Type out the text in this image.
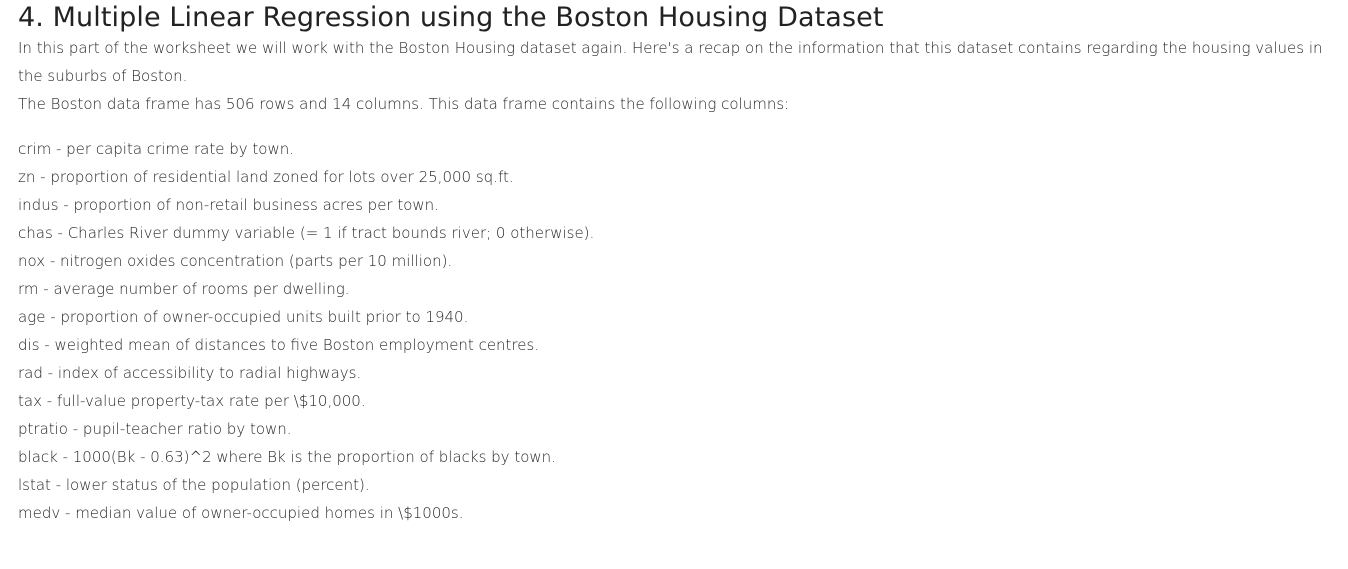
4. Multiple Linear Regression using the Boston Housing Dataset

In this part of the worksheet we will work with the Boston Housing dataset again. Here's a recap on the information that this dataset contains regarding the housing values in the suburbs of Boston.

The Boston data frame has 506 rows and 14 columns. This data frame contains the following columns:

crim - per capita crime rate by town.
zn - proportion of residential land zoned for lots over 25,000 sq.ft.
indus - proportion of non-retail business acres per town.
chas - Charles River dummy variable (= 1 if tract bounds river; 0 otherwise).
nox - nitrogen oxides concentration (parts per 10 million).
rm - average number of rooms per dwelling.
age - proportion of owner-occupied units built prior to 1940.
dis - weighted mean of distances to five Boston employment centres.
rad - index of accessibility to radial highways.
tax - full-value property-tax rate per \$10,000.
ptratio - pupil-teacher ratio by town.
black - 1000(Bk - 0.63)^2 where Bk is the proportion of blacks by town.
lstat - lower status of the population (percent).
medv - median value of owner-occupied homes in \$1000s.
